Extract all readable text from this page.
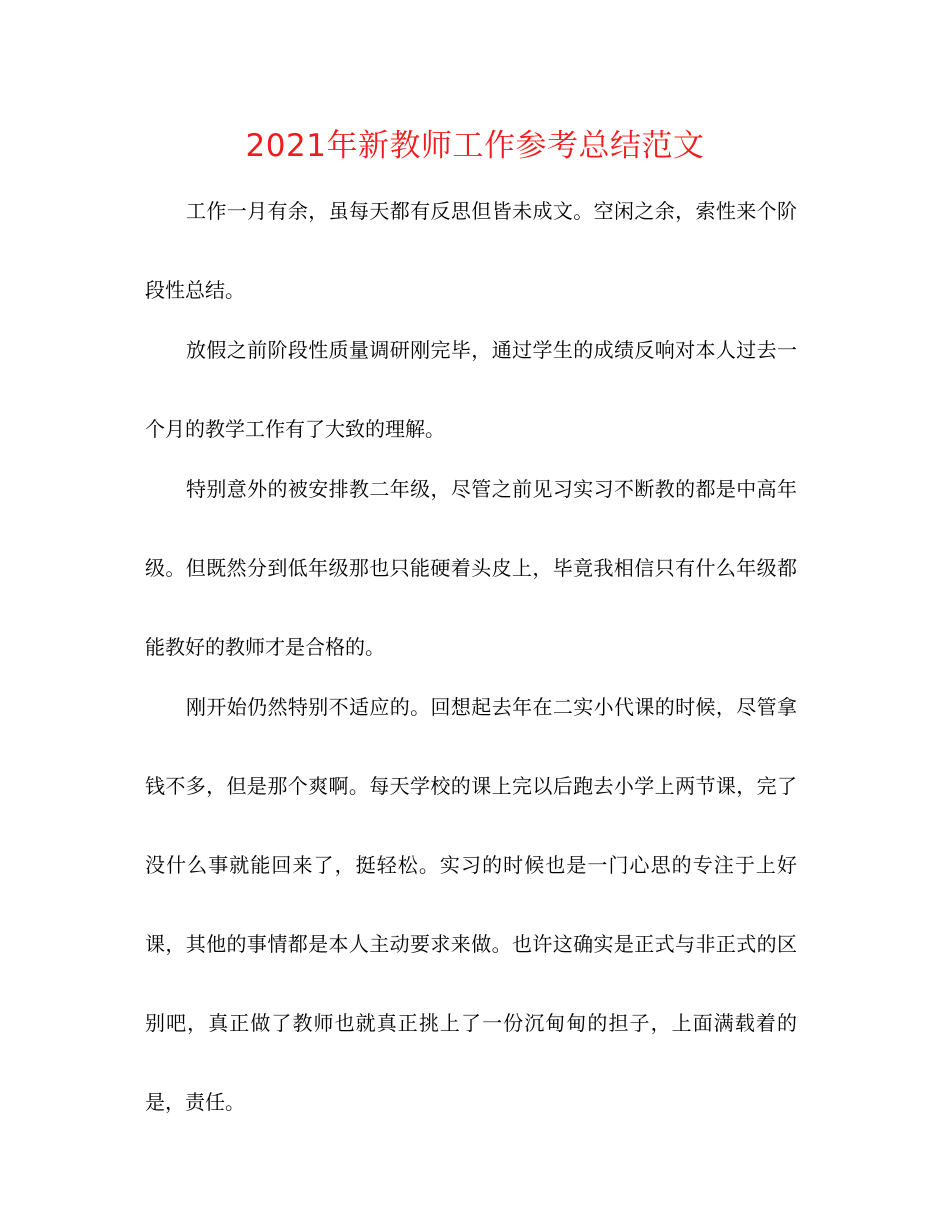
2021年新教师工作参考总结范文

工作一月有余，虽每天都有反思但皆未成文。空闲之余，索性来个阶段性总结。

放假之前阶段性质量调研刚完毕，通过学生的成绩反响对本人过去一个月的教学工作有了大致的理解。

特别意外的被安排教二年级，尽管之前见习实习不断教的都是中高年级。但既然分到低年级那也只能硬着头皮上，毕竟我相信只有什么年级都能教好的教师才是合格的。

刚开始仍然特别不适应的。回想起去年在二实小代课的时候，尽管拿钱不多，但是那个爽啊。每天学校的课上完以后跑去小学上两节课，完了没什么事就能回来了，挺轻松。实习的时候也是一门心思的专注于上好课，其他的事情都是本人主动要求来做。也许这确实是正式与非正式的区别吧，真正做了教师也就真正挑上了一份沉甸甸的担子，上面满载着的是，责任。
